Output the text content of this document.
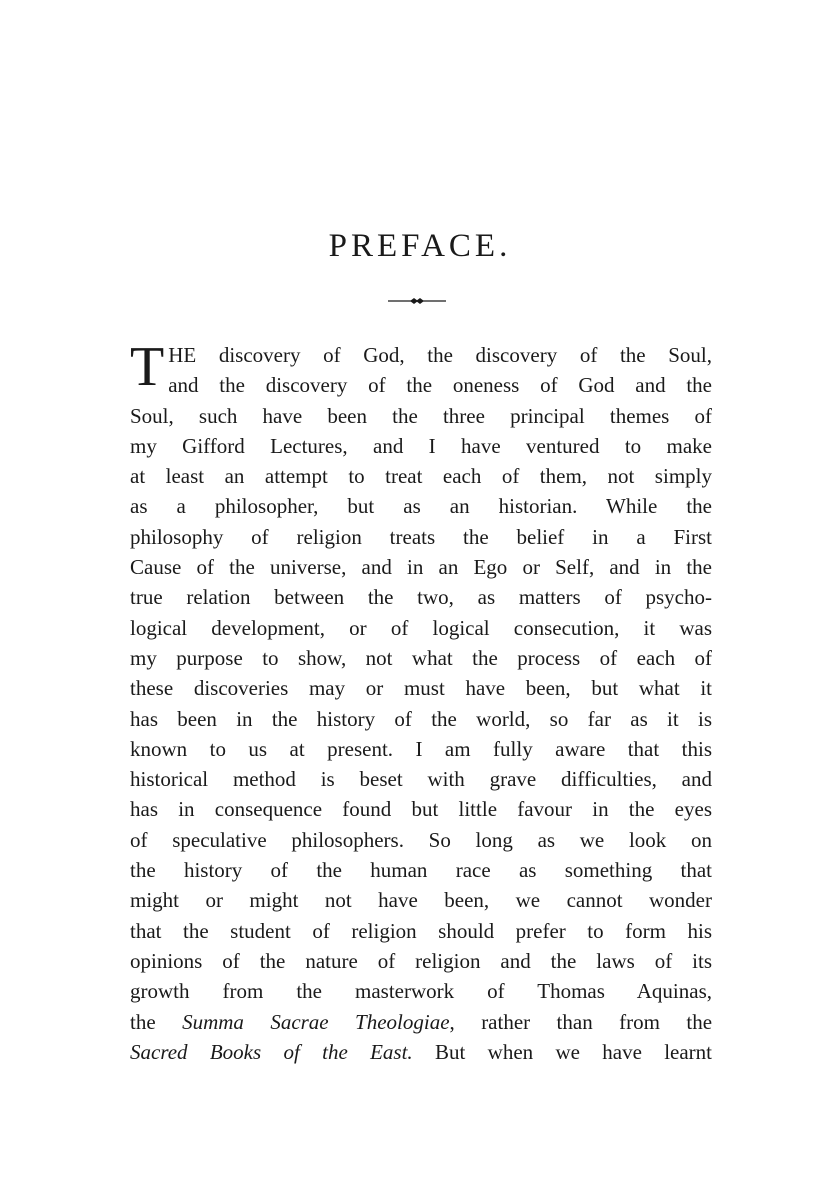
PREFACE.
T HE discovery of God, the discovery of the Soul,
and the discovery of the oneness of God and the
Soul, such have been the three principal themes of
my Gifford Lectures, and I have ventured to make
at least an attempt to treat each of them, not simply
as a philosopher, but as an historian. While the
philosophy of religion treats the belief in a First
Cause of the universe, and in an Ego or Self, and in the
true relation between the two, as matters of psycho-
logical development, or of logical consecution, it was
my purpose to show, not what the process of each of
these discoveries may or must have been, but what it
has been in the history of the world, so far as it is
known to us at present. I am fully aware that this
historical method is beset with grave difficulties, and
has in consequence found but little favour in the eyes
of speculative philosophers. So long as we look on
the history of the human race as something that
might or might not have been, we cannot wonder
that the student of religion should prefer to form his
opinions of the nature of religion and the laws of its
growth from the masterwork of Thomas Aquinas,
the Summa Sacrae Theologiae, rather than from the
Sacred Books of the East. But when we have learnt
